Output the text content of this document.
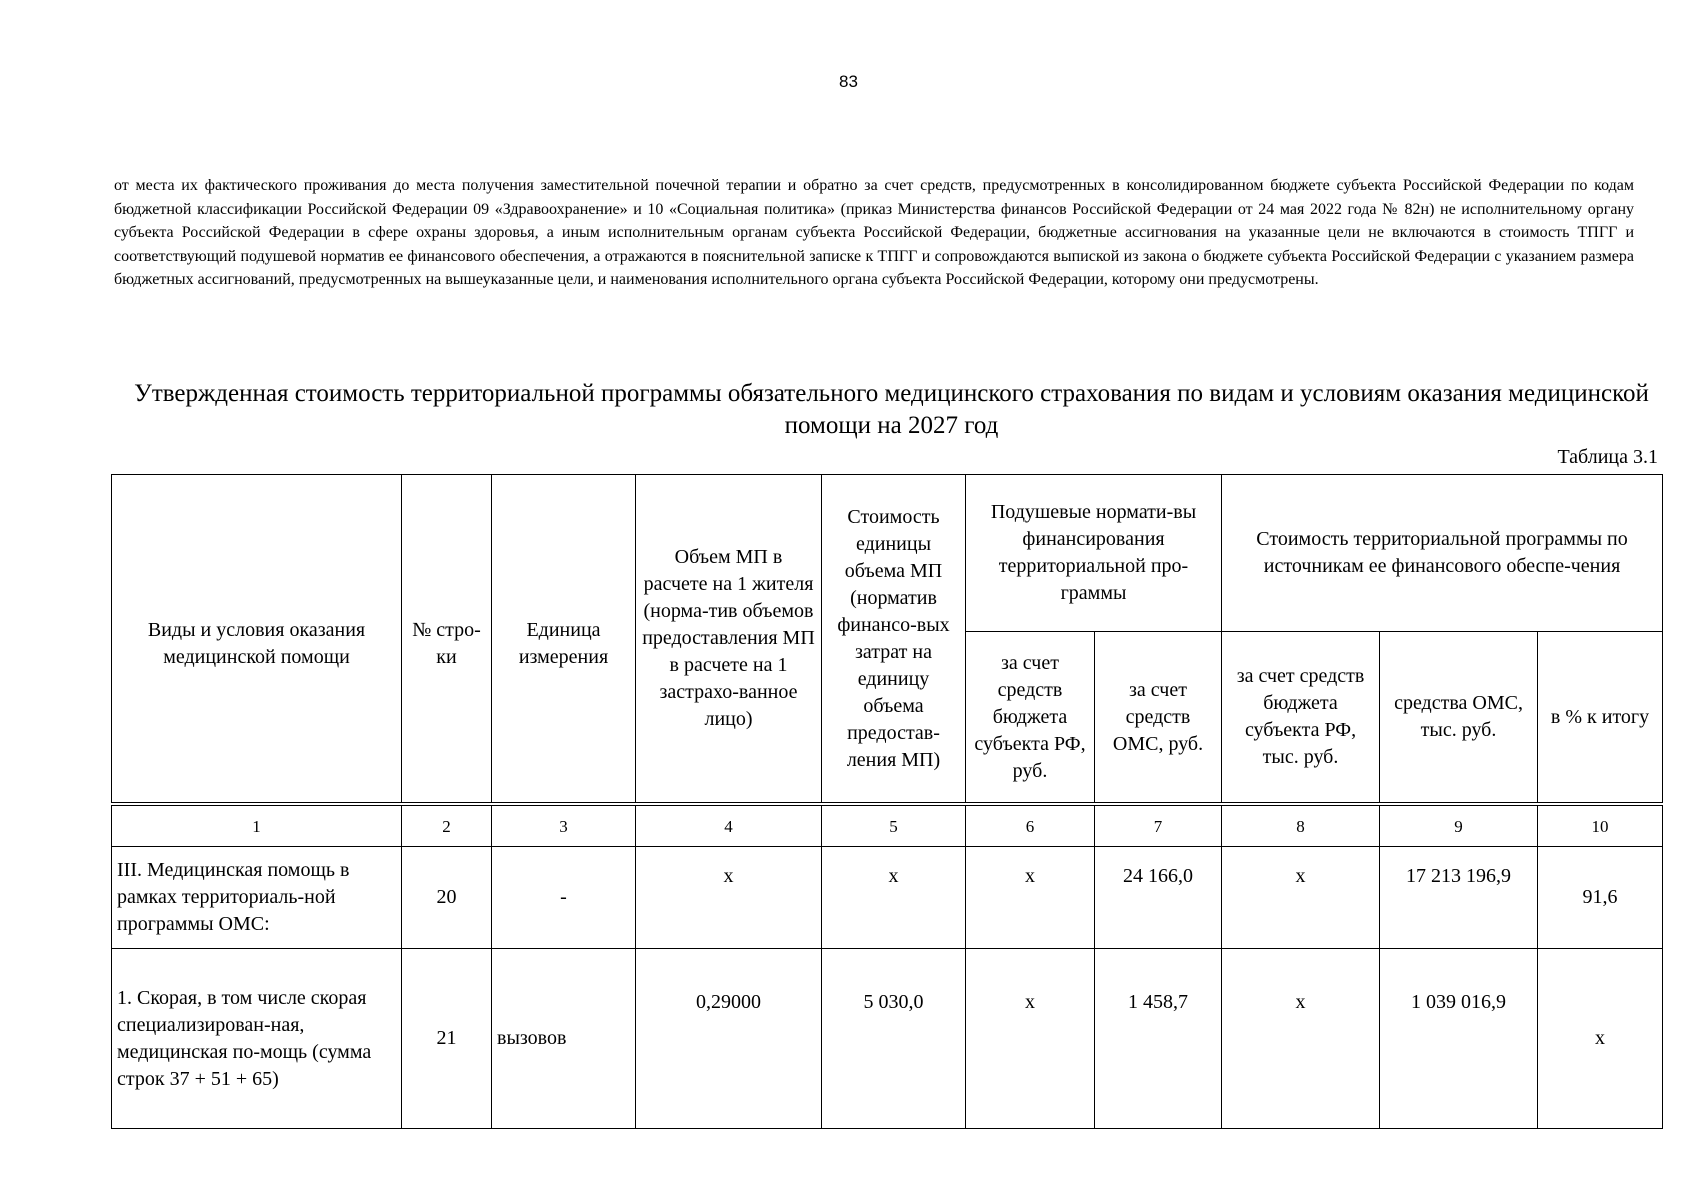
83
от места их фактического проживания до места получения заместительной почечной терапии и обратно за счет средств, предусмотренных в консолидированном бюджете субъекта Российской Федерации по кодам бюджетной классификации Российской Федерации 09 «Здравоохранение» и 10 «Социальная политика» (приказ Министерства финансов Российской Федерации от 24 мая 2022 года № 82н) не исполнительному органу субъекта Российской Федерации в сфере охраны здоровья, а иным исполнительным органам субъекта Российской Федерации, бюджетные ассигнования на указанные цели не включаются в стоимость ТПГГ и соответствующий подушевой норматив ее финансового обеспечения, а отражаются в пояснительной записке к ТПГГ и сопровождаются выпиской из закона о бюджете субъекта Российской Федерации с указанием размера бюджетных ассигнований, предусмотренных на вышеуказанные цели, и наименования исполнительного органа субъекта Российской Федерации, которому они предусмотрены.
Утвержденная стоимость территориальной программы обязательного медицинского страхования по видам и условиям оказания медицинской помощи на 2027 год
Таблица 3.1
Виды и условия оказания медицинской помощи	№ стро-ки	Единица измерения	Объем МП в расчете на 1 жителя (норма-тив объемов предоставления МП в расчете на 1 застрахо-ванное лицо)	Стоимость единицы объема МП (норматив финансо-вых затрат на единицу объема предостав-ления МП)	Подушевые нормати-вы финансирования территориальной про-граммы		Стоимость территориальной программы по источникам ее финансового обеспе-чения		
					за счет средств бюджета субъекта РФ, руб.	за счет средств ОМС, руб.	за счет средств бюджета субъекта РФ, тыс. руб.	средства ОМС, тыс. руб.	в % к итогу

1	2	3	4	5	6	7	8	9	10
III. Медицинская помощь в рамках территориаль-ной программы ОМС:	20	-	х	х	х	24 166,0	х	17 213 196,9	91,6
1. Скорая, в том числе скорая специализирован-ная, медицинская по-мощь (сумма строк 37 + 51 + 65)	21	вызовов	0,29000	5 030,0	х	1 458,7	х	1 039 016,9	х
